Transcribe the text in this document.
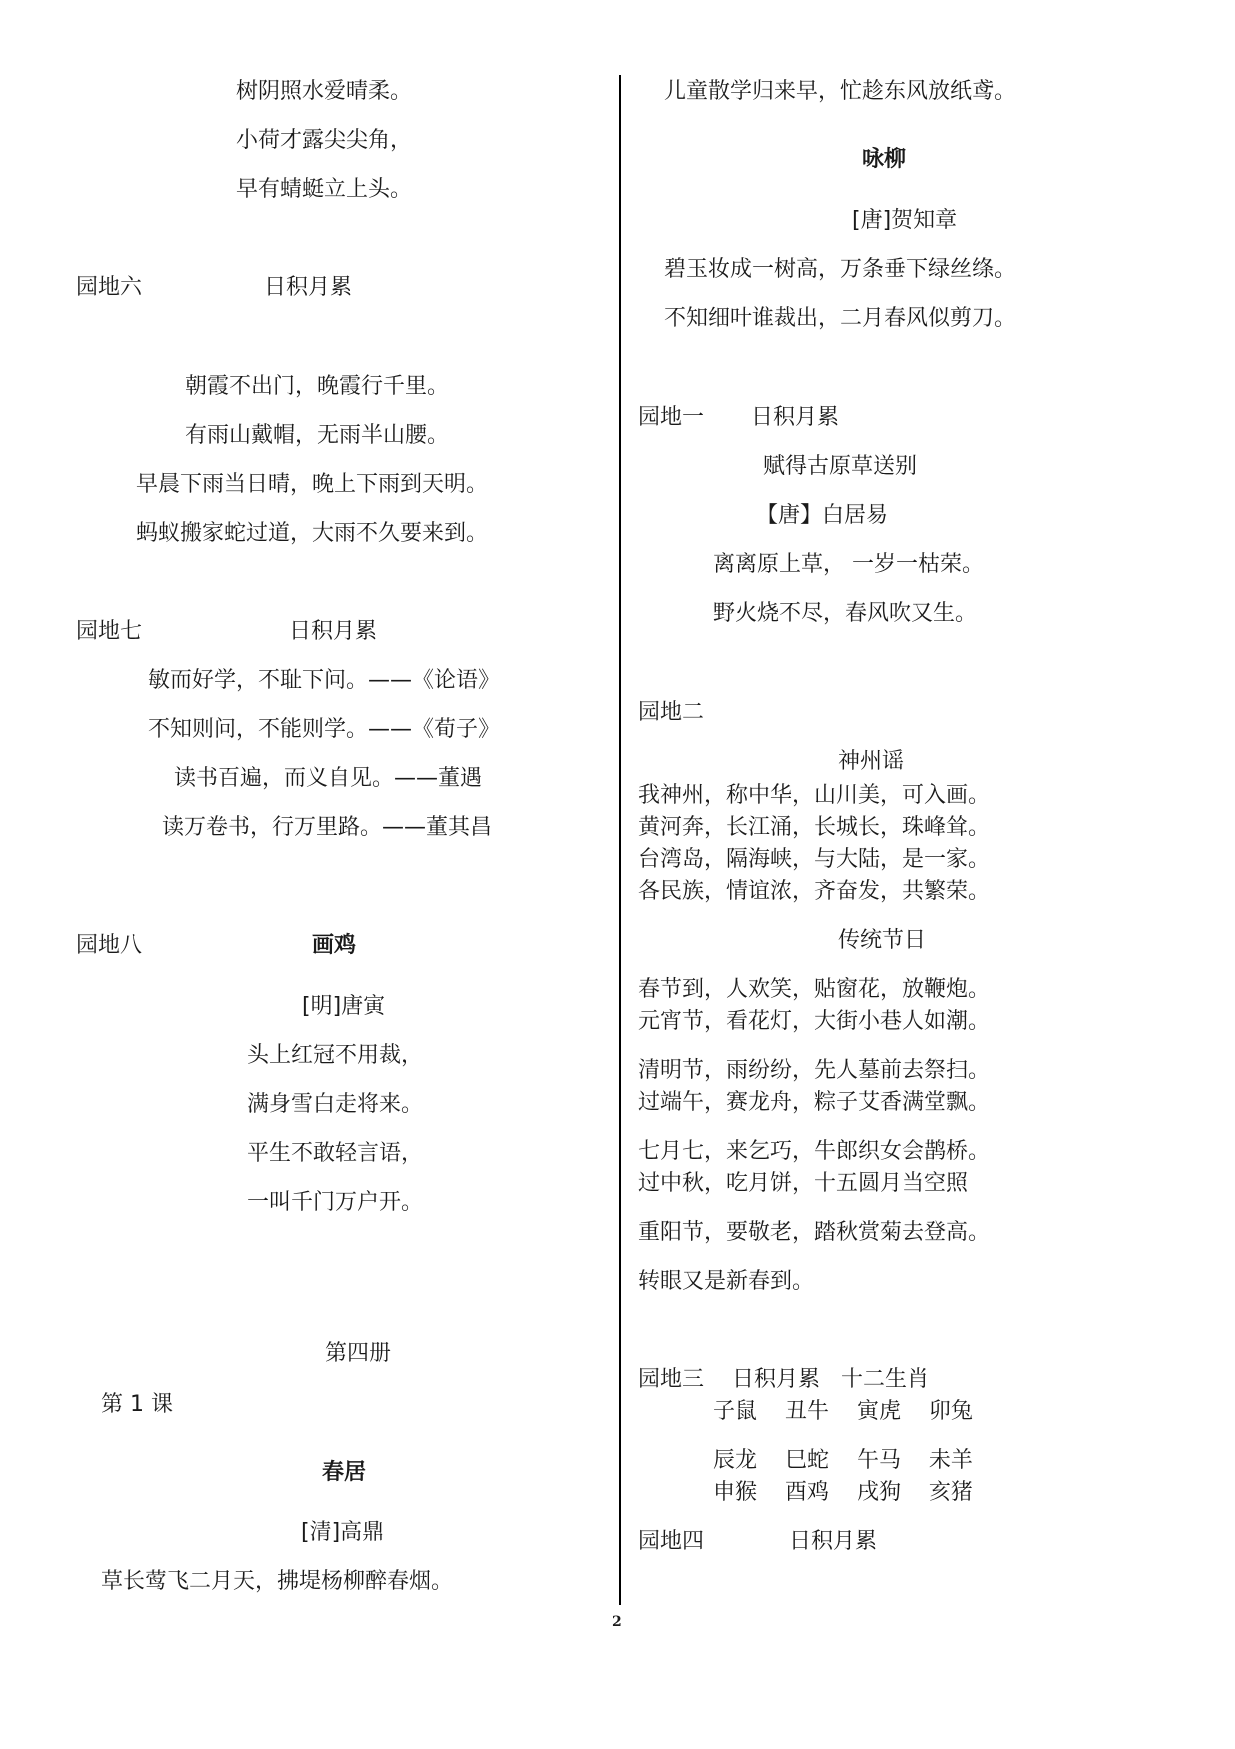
树阴照水爱晴柔。
小荷才露尖尖角，
早有蜻蜓立上头。
园地六	日积月累
朝霞不出门，晚霞行千里。
有雨山戴帽，无雨半山腰。
早晨下雨当日晴，晚上下雨到天明。
蚂蚁搬家蛇过道，大雨不久要来到。
园地七	日积月累
敏而好学，不耻下问。——《论语》
不知则问，不能则学。——《荀子》
读书百遍，而义自见。——董遇
读万卷书，行万里路。——董其昌
园地八	画鸡
[明]唐寅
头上红冠不用裁，
满身雪白走将来。
平生不敢轻言语，
一叫千门万户开。
第四册
第 1 课
春居
[清]高鼎
草长莺飞二月天，拂堤杨柳醉春烟。
儿童散学归来早，忙趁东风放纸鸢。
咏柳
[唐]贺知章
碧玉妆成一树高，万条垂下绿丝绦。
不知细叶谁裁出，二月春风似剪刀。
园地一 日积月累
赋得古原草送别
【唐】白居易
离离原上草， 一岁一枯荣。
野火烧不尽，春风吹又生。
园地二
神州谣
我神州，称中华，山川美，可入画。
黄河奔，长江涌，长城长，珠峰耸。
台湾岛，隔海峡，与大陆，是一家。
各民族，情谊浓，齐奋发，共繁荣。
传统节日
春节到，人欢笑，贴窗花，放鞭炮。
元宵节，看花灯，大街小巷人如潮。
清明节，雨纷纷，先人墓前去祭扫。
过端午，赛龙舟，粽子艾香满堂飘。
七月七，来乞巧，牛郎织女会鹊桥。
过中秋，吃月饼，十五圆月当空照
重阳节，要敬老，踏秋赏菊去登高。
转眼又是新春到。
园地三    日积月累   十二生肖
子鼠    丑牛    寅虎    卯兔
辰龙    巳蛇    午马    未羊
申猴    酉鸡    戌狗    亥猪
园地四	日积月累
2
